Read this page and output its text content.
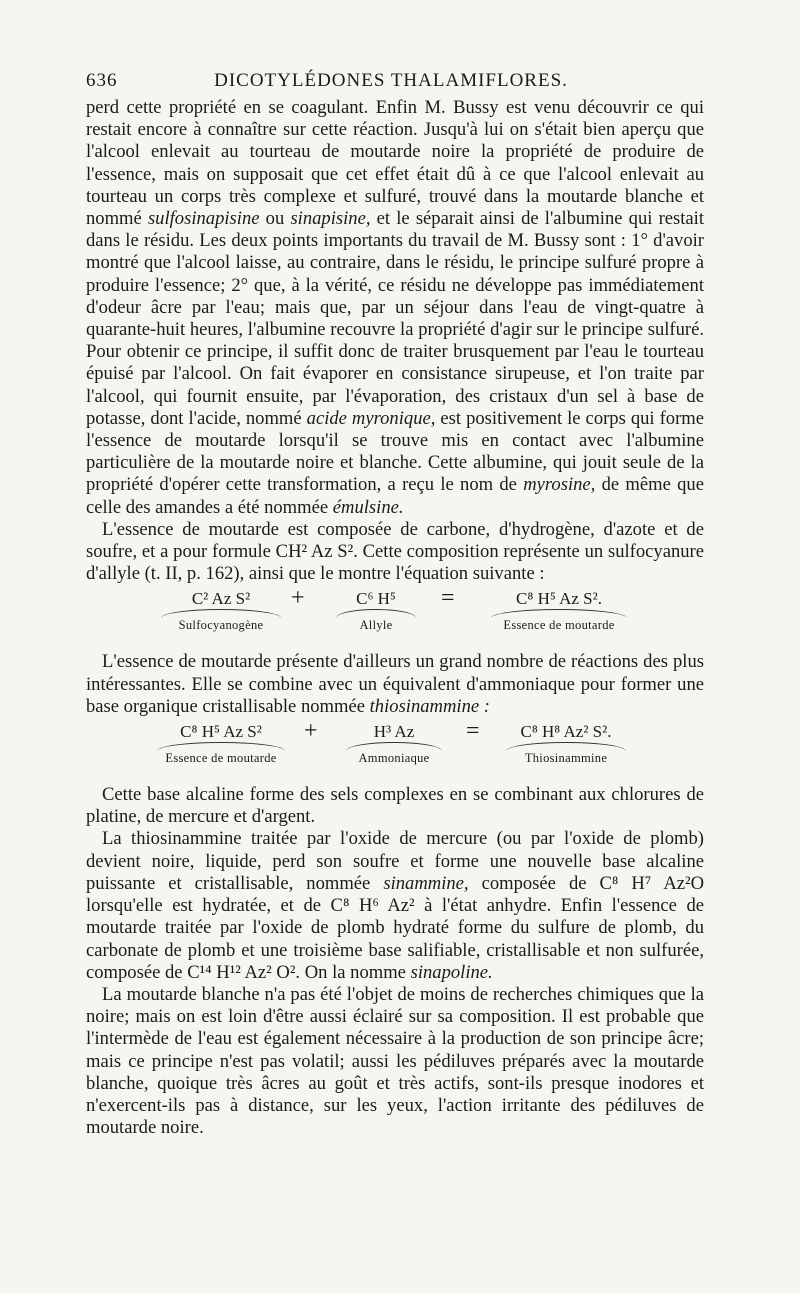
636	DICOTYLÉDONES THALAMIFLORES.

perd cette propriété en se coagulant. Enfin M. Bussy est venu découvrir ce qui restait encore à connaître sur cette réaction. Jusqu'à lui on s'était bien aperçu que l'alcool enlevait au tourteau de moutarde noire la propriété de produire de l'essence, mais on supposait que cet effet était dû à ce que l'alcool enlevait au tourteau un corps très complexe et sulfuré, trouvé dans la moutarde blanche et nommé sulfosinapisine ou sinapisine, et le séparait ainsi de l'albumine qui restait dans le résidu. Les deux points importants du travail de M. Bussy sont : 1° d'avoir montré que l'alcool laisse, au contraire, dans le résidu, le principe sulfuré propre à produire l'essence; 2° que, à la vérité, ce résidu ne développe pas immédiatement d'odeur âcre par l'eau; mais que, par un séjour dans l'eau de vingt-quatre à quarante-huit heures, l'albumine recouvre la propriété d'agir sur le principe sulfuré. Pour obtenir ce principe, il suffit donc de traiter brusquement par l'eau le tourteau épuisé par l'alcool. On fait évaporer en consistance sirupeuse, et l'on traite par l'alcool, qui fournit ensuite, par l'évaporation, des cristaux d'un sel à base de potasse, dont l'acide, nommé acide myronique, est positivement le corps qui forme l'essence de moutarde lorsqu'il se trouve mis en contact avec l'albumine particulière de la moutarde noire et blanche. Cette albumine, qui jouit seule de la propriété d'opérer cette transformation, a reçu le nom de myrosine, de même que celle des amandes a été nommée émulsine.

L'essence de moutarde est composée de carbone, d'hydrogène, d'azote et de soufre, et a pour formule CH² Az S². Cette composition représente un sulfocyanure d'allyle (t. II, p. 162), ainsi que le montre l'équation suivante :

C² Az S²
Sulfocyanogène
+	C⁶ H⁵
Allyle
=	C⁸ H⁵ Az S².
Essence de moutarde

L'essence de moutarde présente d'ailleurs un grand nombre de réactions des plus intéressantes. Elle se combine avec un équivalent d'ammoniaque pour former une base organique cristallisable nommée thiosinammine :

C⁸ H⁵ Az S²
Essence de moutarde
+	H³ Az
Ammoniaque
=	C⁸ H⁸ Az² S².
Thiosinammine

Cette base alcaline forme des sels complexes en se combinant aux chlorures de platine, de mercure et d'argent.

La thiosinammine traitée par l'oxide de mercure (ou par l'oxide de plomb) devient noire, liquide, perd son soufre et forme une nouvelle base alcaline puissante et cristallisable, nommée sinammine, composée de C⁸ H⁷ Az²O lorsqu'elle est hydratée, et de C⁸ H⁶ Az² à l'état anhydre. Enfin l'essence de moutarde traitée par l'oxide de plomb hydraté forme du sulfure de plomb, du carbonate de plomb et une troisième base salifiable, cristallisable et non sulfurée, composée de C¹⁴ H¹² Az² O². On la nomme sinapoline.

La moutarde blanche n'a pas été l'objet de moins de recherches chimiques que la noire; mais on est loin d'être aussi éclairé sur sa composition. Il est probable que l'intermède de l'eau est également nécessaire à la production de son principe âcre; mais ce principe n'est pas volatil; aussi les pédiluves préparés avec la moutarde blanche, quoique très âcres au goût et très actifs, sont-ils presque inodores et n'exercent-ils pas à distance, sur les yeux, l'action irritante des pédiluves de moutarde noire.
